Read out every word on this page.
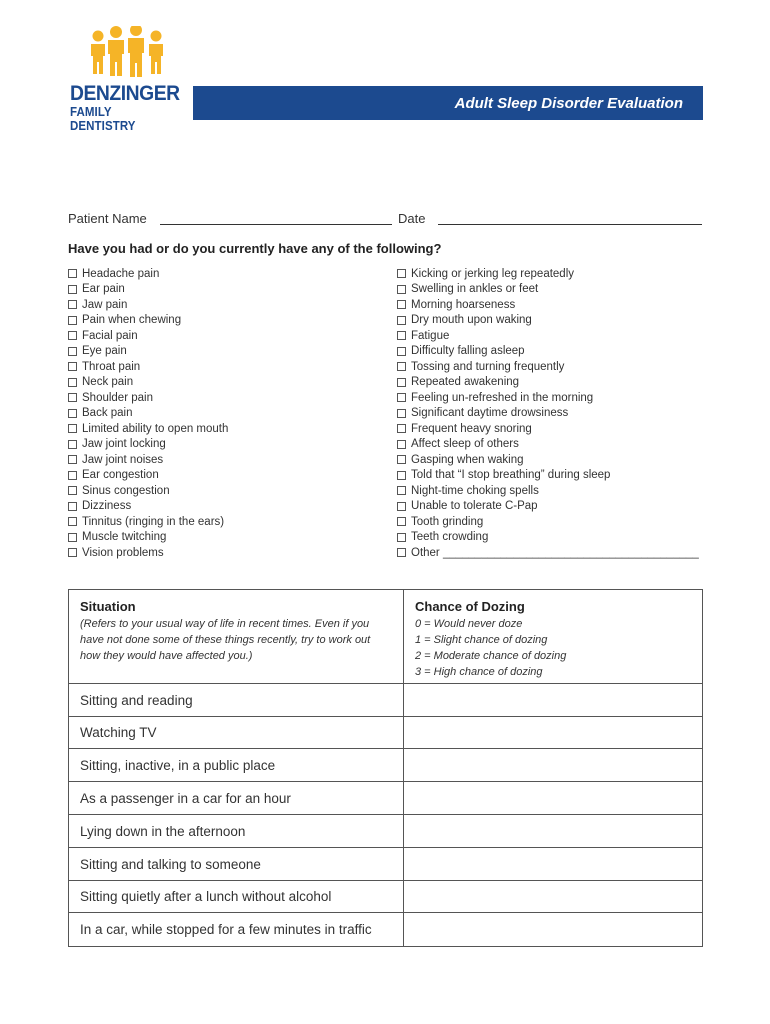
DENZINGER
FAMILY DENTISTRY
Adult Sleep Disorder Evaluation
Patient Name	Date
Have you had or do you currently have any of the following?
Headache pain
Ear pain
Jaw pain
Pain when chewing
Facial pain
Eye pain
Throat pain
Neck pain
Shoulder pain
Back pain
Limited ability to open mouth
Jaw joint locking
Jaw joint noises
Ear congestion
Sinus congestion
Dizziness
Tinnitus (ringing in the ears)
Muscle twitching
Vision problems
Kicking or jerking leg repeatedly
Swelling in ankles or feet
Morning hoarseness
Dry mouth upon waking
Fatigue
Difficulty falling asleep
Tossing and turning frequently
Repeated awakening
Feeling un-refreshed in the morning
Significant daytime drowsiness
Frequent heavy snoring
Affect sleep of others
Gasping when waking
Told that “I stop breathing” during sleep
Night-time choking spells
Unable to tolerate C-Pap
Tooth grinding
Teeth crowding
Other ________________________________________
Situation
(Refers to your usual way of life in recent times. Even if you have not done some of these things recently, try to work out how they would have affected you.)
Chance of Dozing
0 = Would never doze
1 = Slight chance of dozing
2 = Moderate chance of dozing
3 = High chance of dozing
Sitting and reading
Watching TV
Sitting, inactive, in a public place
As a passenger in a car for an hour
Lying down in the afternoon
Sitting and talking to someone
Sitting quietly after a lunch without alcohol
In a car, while stopped for a few minutes in traffic
